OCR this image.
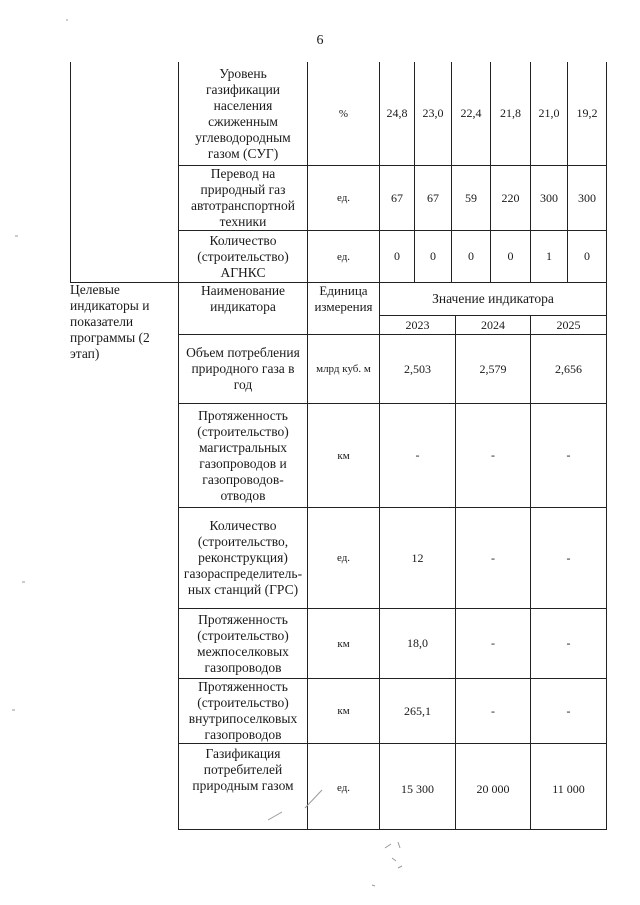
6
Уровень газификации населения сжиженным углеводородным газом (СУГ)
%	24,8	23,0	22,4	21,8	21,0	19,2
Перевод на природный газ автотранспортной техники
ед.	67	67	59	220	300	300
Количество (строительство) АГНКС
ед.	0	0	0	0	1	0
Целевые индикаторы и показатели программы (2 этап)
Наименование индикатора
Единица измерения
Значение индикатора
2023	2024	2025
Объем потребления природного газа в год
млрд куб. м	2,503	2,579	2,656
Протяженность (строительство) магистральных газопроводов и газопроводов-отводов
км	-	-	-
Количество (строительство, реконструкция) газораспределитель-ных станций (ГРС)
ед.	12	-	-
Протяженность (строительство) межпоселковых газопроводов
км	18,0	-	-
Протяженность (строительство) внутрипоселковых газопроводов
км	265,1	-	-
Газификация потребителей природным газом	ед.	15 300	20 000	11 000
